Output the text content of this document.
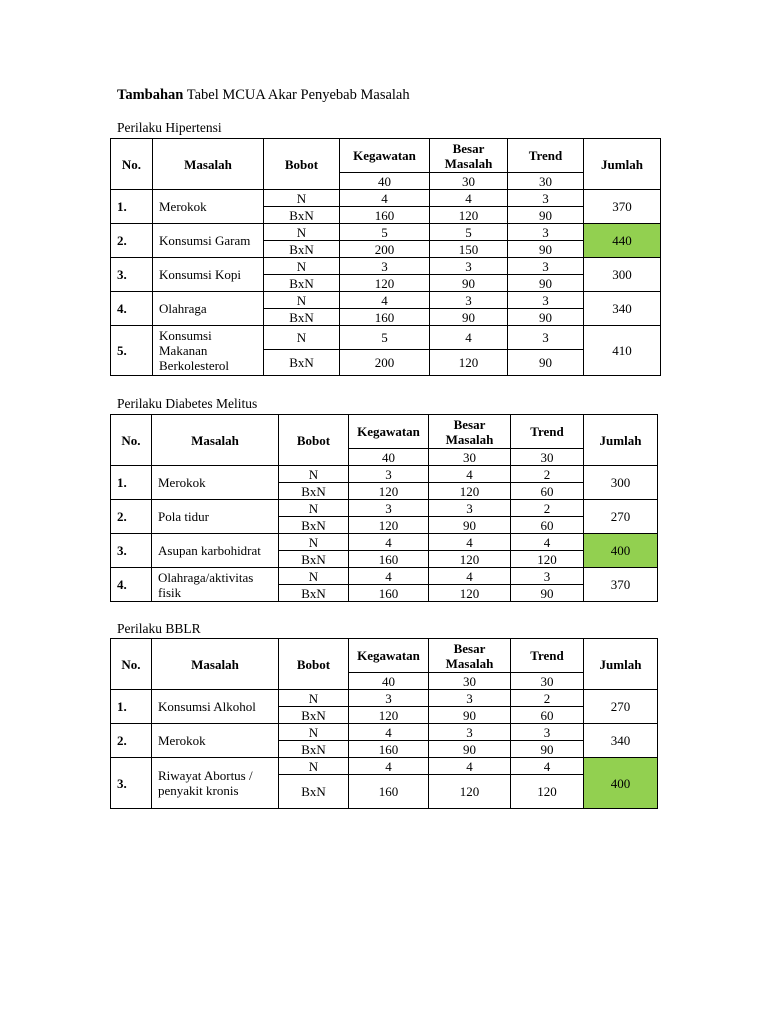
Tambahan Tabel MCUA Akar Penyebab Masalah
Perilaku Hipertensi
No.	Masalah	Bobot	Kegawatan	Besar Masalah	Trend	Jumlah
			40	30	30	
1.	Merokok	N	4	4	3	370
		BxN	160	120	90	
2.	Konsumsi Garam	N	5	5	3	440
		BxN	200	150	90	
3.	Konsumsi Kopi	N	3	3	3	300
		BxN	120	90	90	
4.	Olahraga	N	4	3	3	340
		BxN	160	90	90	
5.	Konsumsi Makanan Berkolesterol	N	5	4	3	410
		BxN	200	120	90	
Perilaku Diabetes Melitus
No.	Masalah	Bobot	Kegawatan	Besar Masalah	Trend	Jumlah
			40	30	30	
1.	Merokok	N	3	4	2	300
		BxN	120	120	60	
2.	Pola tidur	N	3	3	2	270
		BxN	120	90	60	
3.	Asupan karbohidrat	N	4	4	4	400
		BxN	160	120	120	
4.	Olahraga/aktivitas fisik	N	4	4	3	370
		BxN	160	120	90	
Perilaku BBLR
No.	Masalah	Bobot	Kegawatan	Besar Masalah	Trend	Jumlah
			40	30	30	
1.	Konsumsi Alkohol	N	3	3	2	270
		BxN	120	90	60	
2.	Merokok	N	4	3	3	340
		BxN	160	90	90	
3.	Riwayat Abortus / penyakit kronis	N	4	4	4	400
		BxN	160	120	120	
